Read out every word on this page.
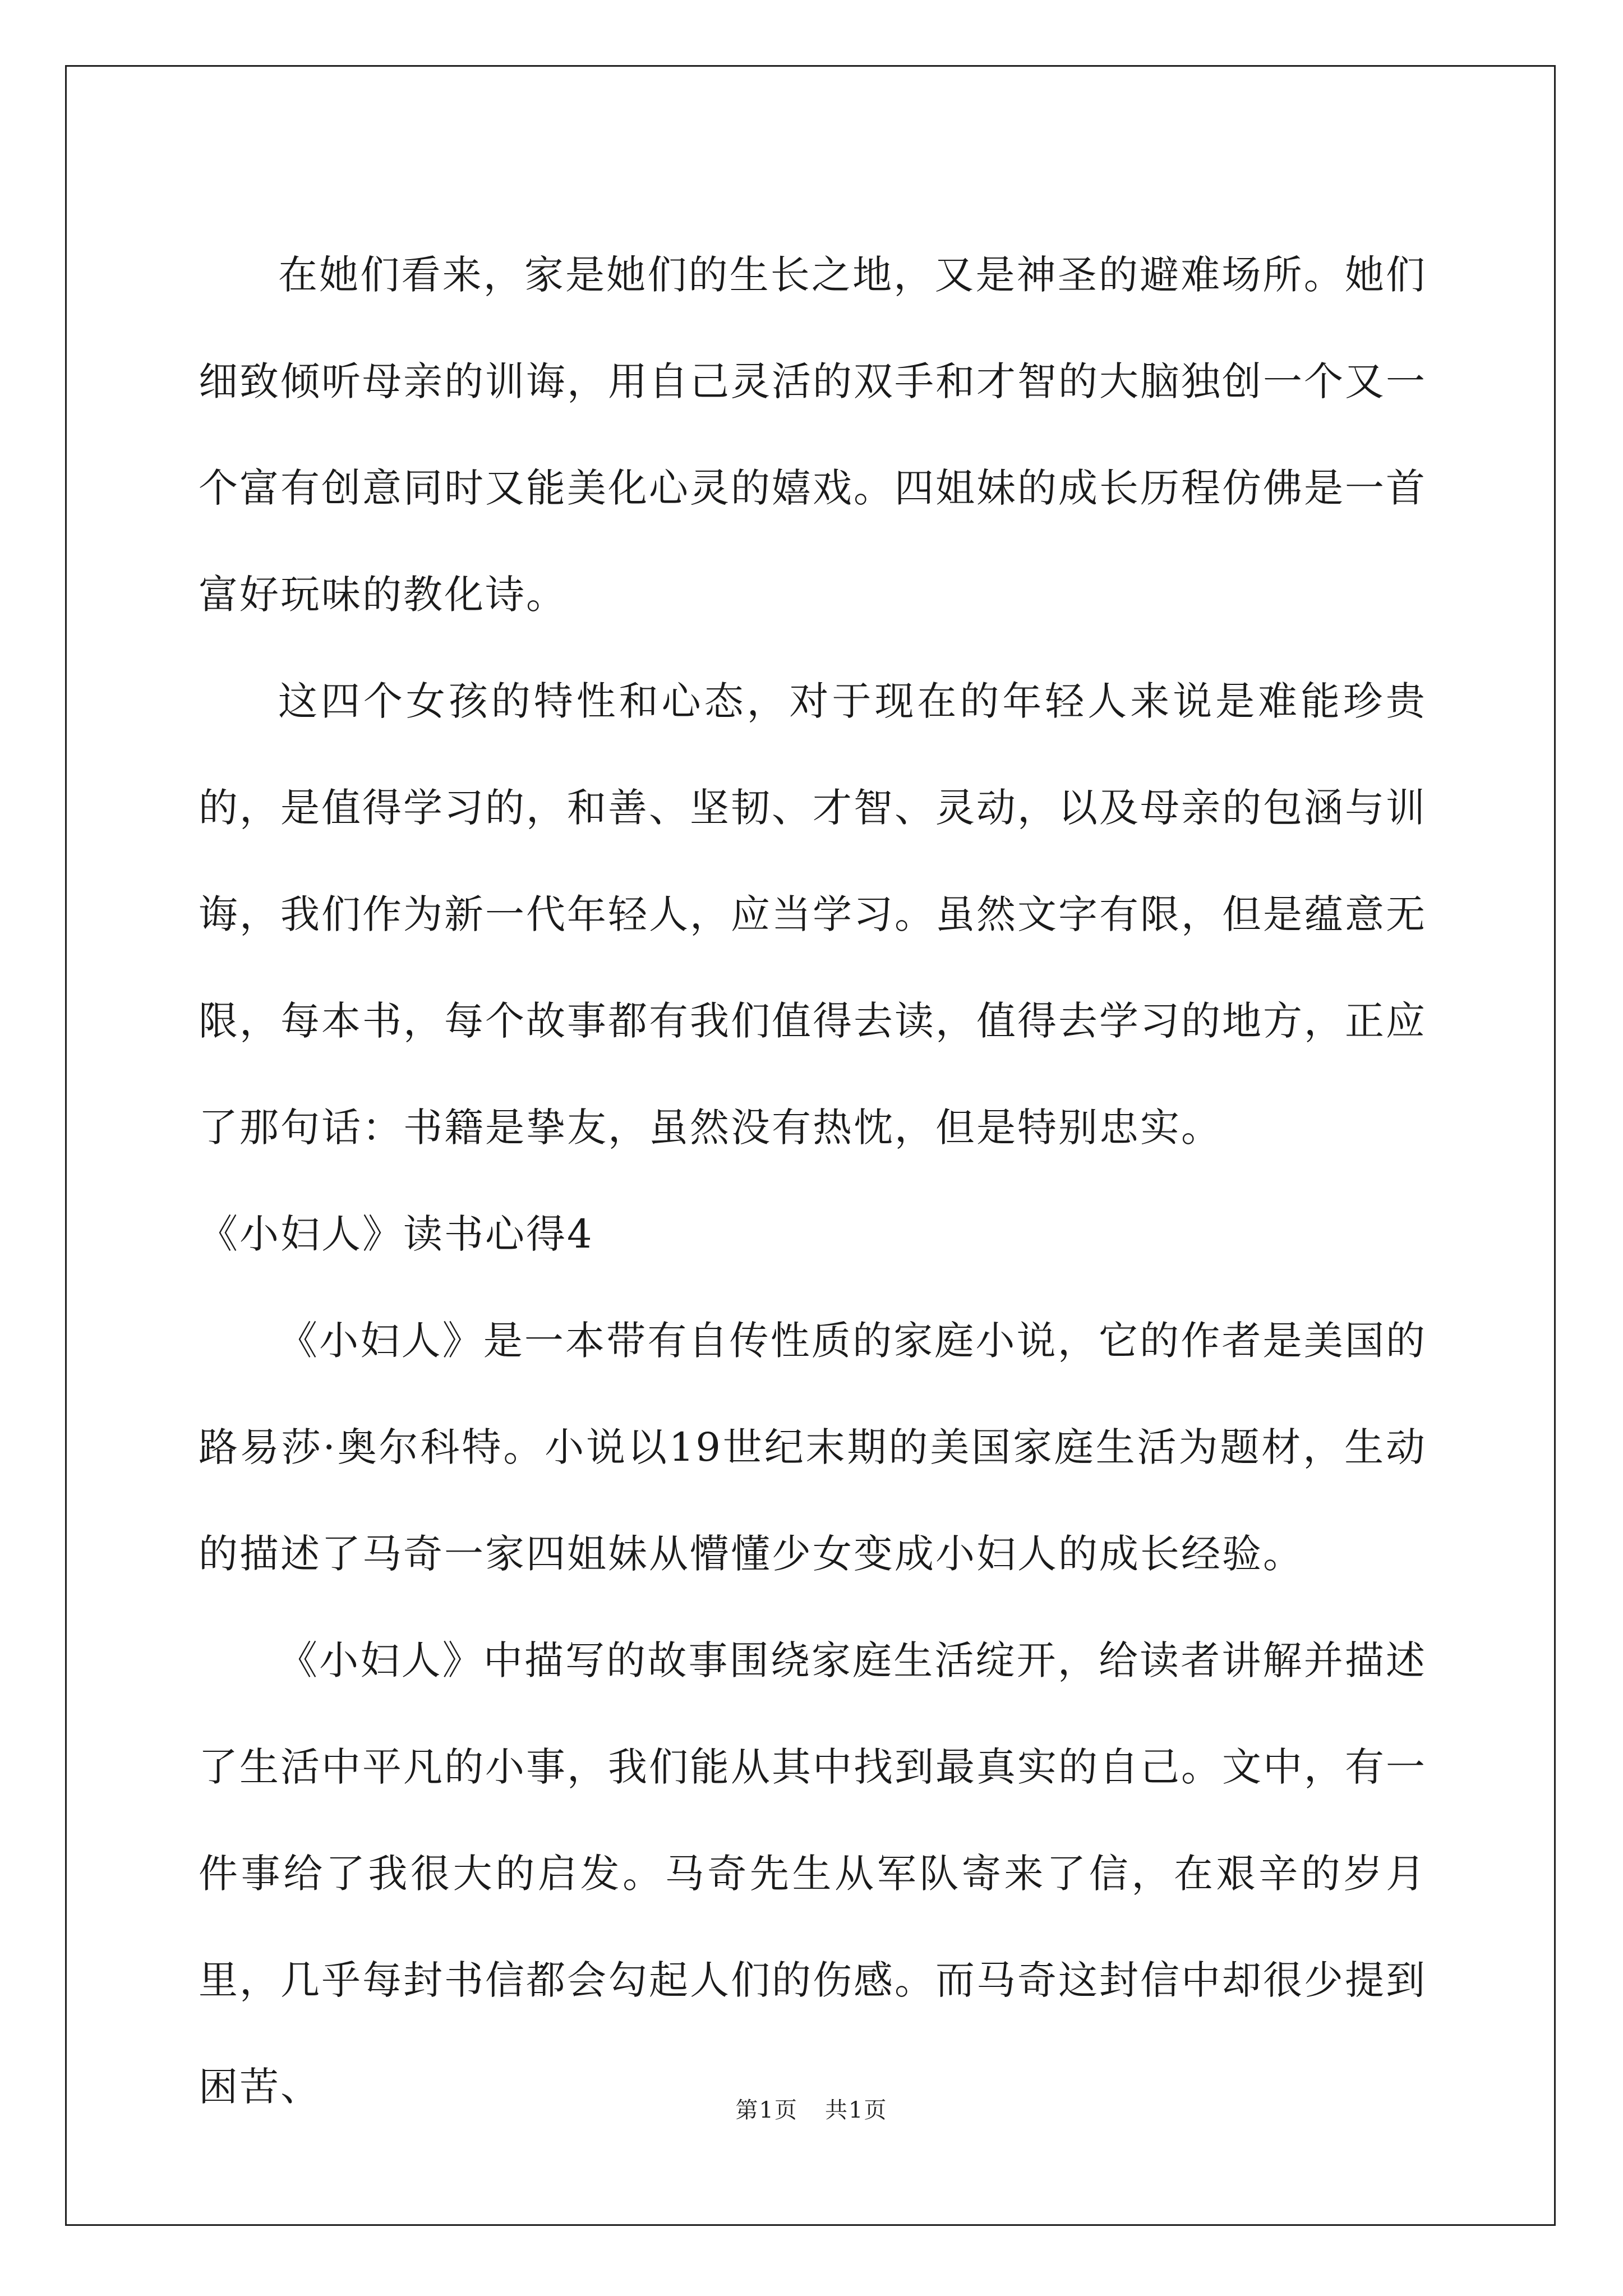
在她们看来，家是她们的生长之地，又是神圣的避难场所。她们细致倾听母亲的训诲，用自己灵活的双手和才智的大脑独创一个又一个富有创意同时又能美化心灵的嬉戏。四姐妹的成长历程仿佛是一首富好玩味的教化诗。

这四个女孩的特性和心态，对于现在的年轻人来说是难能珍贵的，是值得学习的，和善、坚韧、才智、灵动，以及母亲的包涵与训诲，我们作为新一代年轻人，应当学习。虽然文字有限，但是蕴意无限，每本书，每个故事都有我们值得去读，值得去学习的地方，正应了那句话：书籍是挚友，虽然没有热忱，但是特别忠实。

《小妇人》读书心得4

《小妇人》是一本带有自传性质的家庭小说，它的作者是美国的路易莎·奥尔科特。小说以19世纪末期的美国家庭生活为题材，生动的描述了马奇一家四姐妹从懵懂少女变成小妇人的成长经验。

《小妇人》中描写的故事围绕家庭生活绽开，给读者讲解并描述了生活中平凡的小事，我们能从其中找到最真实的自己。文中，有一件事给了我很大的启发。马奇先生从军队寄来了信，在艰辛的岁月里，几乎每封书信都会勾起人们的伤感。而马奇这封信中却很少提到困苦、

第1页 共1页
